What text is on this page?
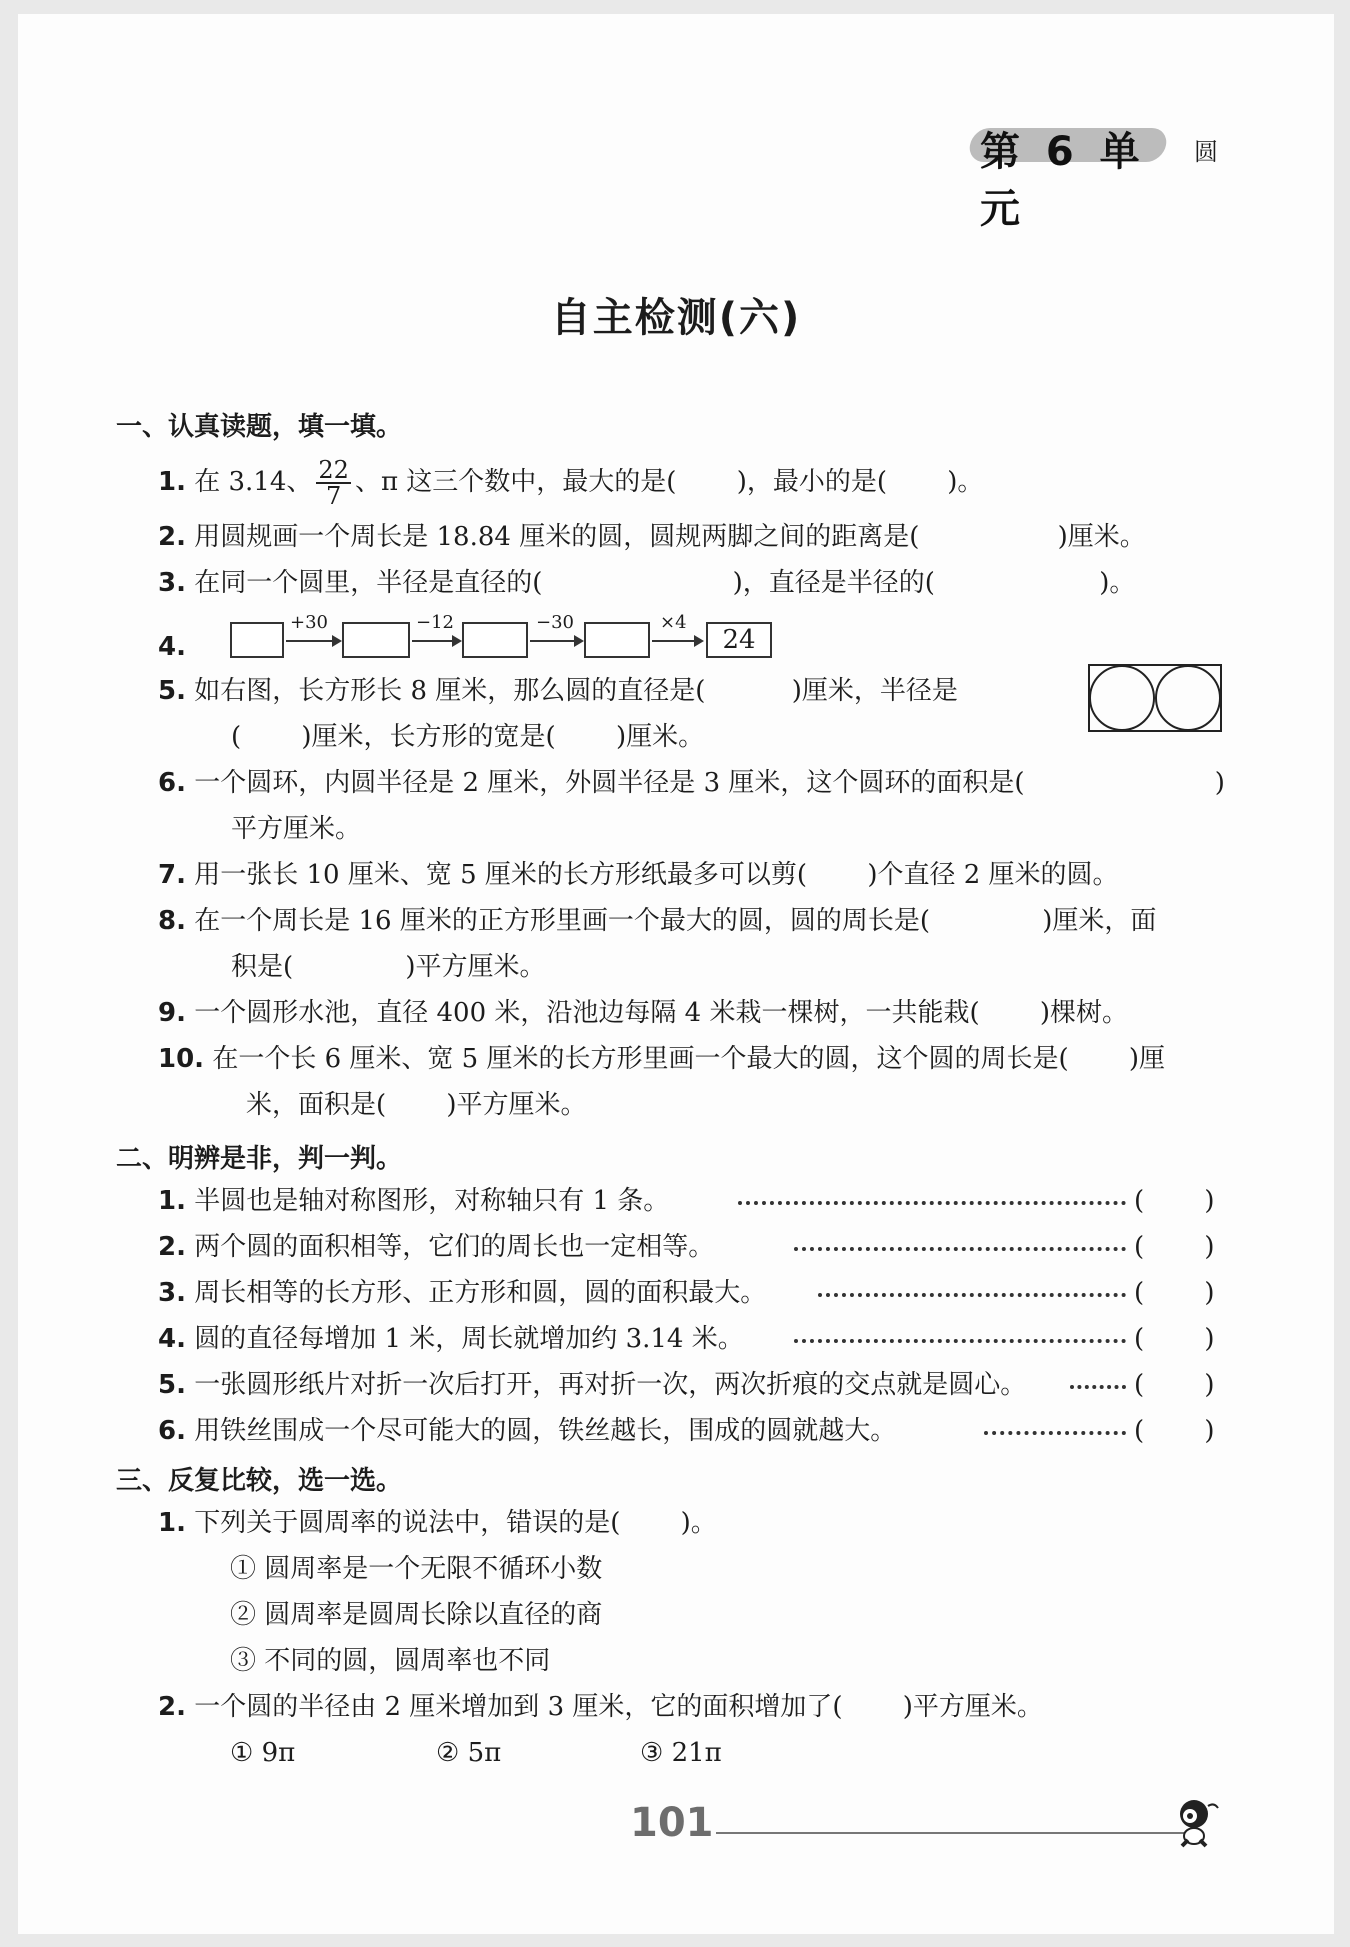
第 6 单元
圆
自主检测(六)
一、认真读题，填一填。
1. 在 3.14、 $\frac{22}{7}$ 、π 这三个数中，最大的是(　　 )，最小的是(　　 )。
2. 用圆规画一个周长是 18.84 厘米的圆，圆规两脚之间的距离是(　　　　　 )厘米。
3. 在同一个圆里，半径是直径的(　　　　　　　 )，直径是半径的(　　　　　　 )。
4.
+30	−12	−30	×4
24
5. 如右图，长方形长 8 厘米，那么圆的直径是(　　　 )厘米，半径是
(　　 )厘米，长方形的宽是(　　 )厘米。
6. 一个圆环，内圆半径是 2 厘米，外圆半径是 3 厘米，这个圆环的面积是(　　　　　　　 )
平方厘米。
7. 用一张长 10 厘米、宽 5 厘米的长方形纸最多可以剪(　　 )个直径 2 厘米的圆。
8. 在一个周长是 16 厘米的正方形里画一个最大的圆，圆的周长是(　　　　 )厘米，面
积是(　　　　 )平方厘米。
9. 一个圆形水池，直径 400 米，沿池边每隔 4 米栽一棵树，一共能栽(　　 )棵树。
10. 在一个长 6 厘米、宽 5 厘米的长方形里画一个最大的圆，这个圆的周长是(　　 )厘
米，面积是(　　 )平方厘米。
二、明辨是非，判一判。
1. 半圆也是轴对称图形，对称轴只有 1 条。	(　　 )
2. 两个圆的面积相等，它们的周长也一定相等。	(　　 )
3. 周长相等的长方形、正方形和圆，圆的面积最大。	(　　 )
4. 圆的直径每增加 1 米，周长就增加约 3.14 米。	(　　 )
5. 一张圆形纸片对折一次后打开，再对折一次，两次折痕的交点就是圆心。	(　　 )
6. 用铁丝围成一个尽可能大的圆，铁丝越长，围成的圆就越大。	(　　 )
三、反复比较，选一选。
1. 下列关于圆周率的说法中，错误的是(　　 )。
① 圆周率是一个无限不循环小数
② 圆周率是圆周长除以直径的商
③ 不同的圆，圆周率也不同
2. 一个圆的半径由 2 厘米增加到 3 厘米，它的面积增加了(　　 )平方厘米。
① 9π	② 5π	③ 21π
101
